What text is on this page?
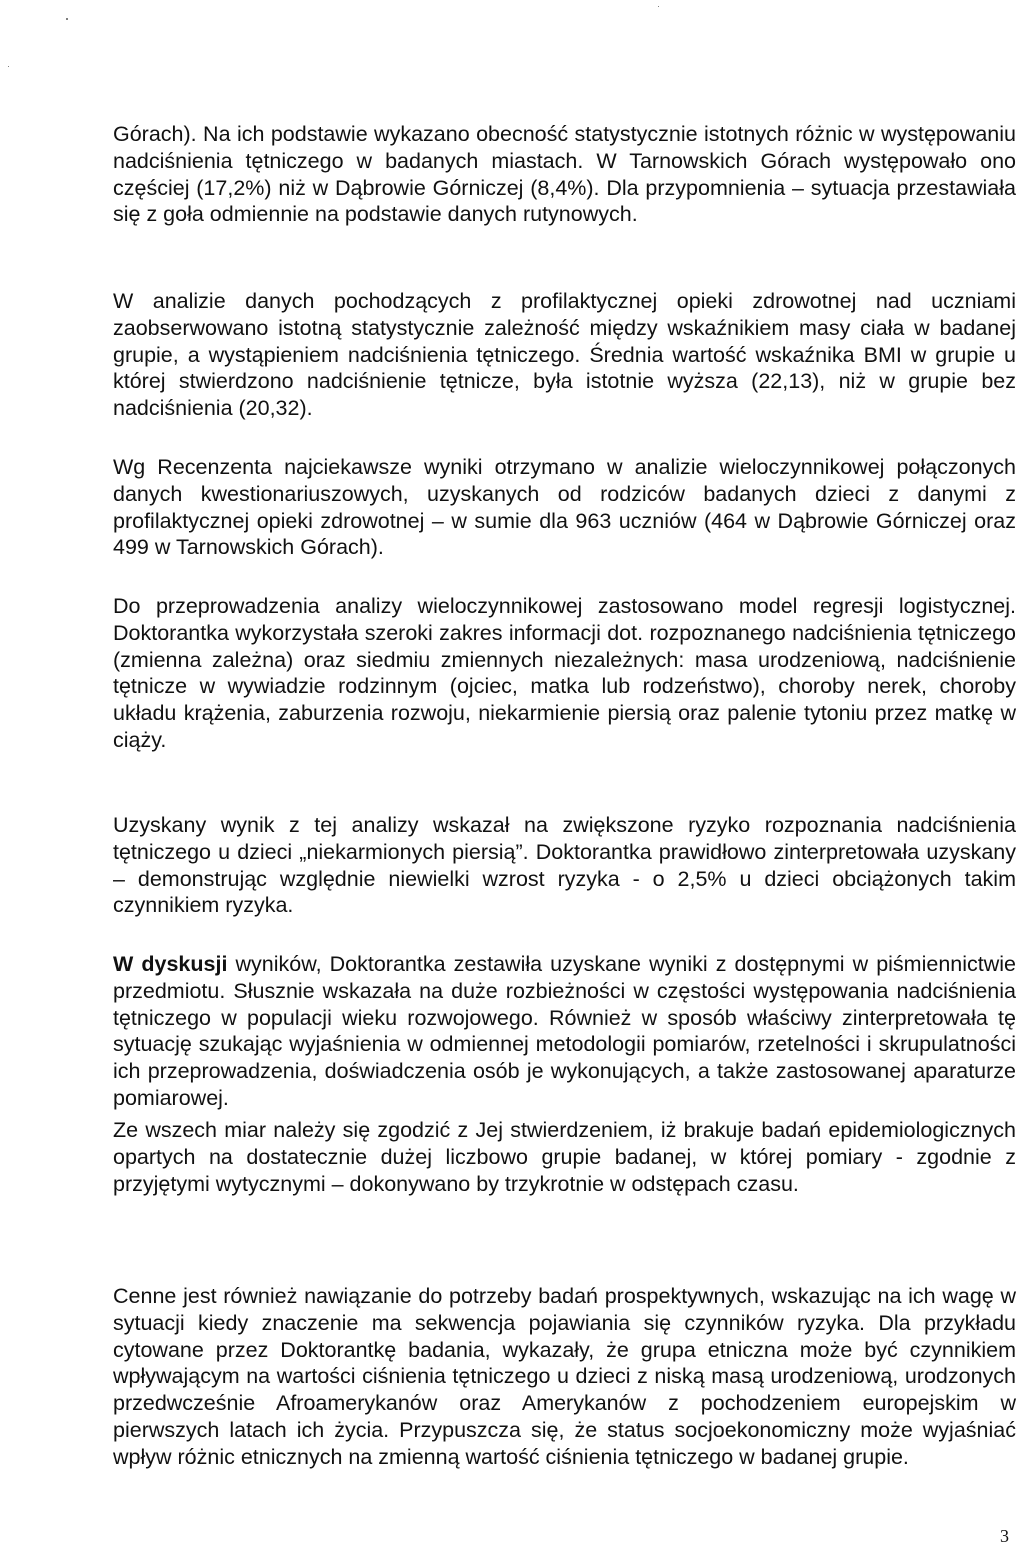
Górach). Na ich podstawie wykazano obecność statystycznie istotnych różnic w występowaniu nadciśnienia tętniczego w badanych miastach. W Tarnowskich Górach występowało ono częściej (17,2%) niż w Dąbrowie Górniczej (8,4%). Dla przypomnienia – sytuacja przestawiała się z goła odmiennie na podstawie danych rutynowych.

W analizie danych pochodzących z profilaktycznej opieki zdrowotnej nad uczniami zaobserwowano istotną statystycznie zależność między wskaźnikiem masy ciała w badanej grupie, a wystąpieniem nadciśnienia tętniczego. Średnia wartość wskaźnika BMI w grupie u której stwierdzono nadciśnienie tętnicze, była istotnie wyższa (22,13), niż w grupie bez nadciśnienia (20,32).

Wg Recenzenta najciekawsze wyniki otrzymano w analizie wieloczynnikowej połączonych danych kwestionariuszowych, uzyskanych od rodziców badanych dzieci z danymi z profilaktycznej opieki zdrowotnej – w sumie dla 963 uczniów (464 w Dąbrowie Górniczej oraz 499 w Tarnowskich Górach).

Do przeprowadzenia analizy wieloczynnikowej zastosowano model regresji logistycznej. Doktorantka wykorzystała szeroki zakres informacji dot. rozpoznanego nadciśnienia tętniczego (zmienna zależna) oraz siedmiu zmiennych niezależnych: masa urodzeniową, nadciśnienie tętnicze w wywiadzie rodzinnym (ojciec, matka lub rodzeństwo), choroby nerek, choroby układu krążenia, zaburzenia rozwoju, niekarmienie piersią oraz palenie tytoniu przez matkę w ciąży.

Uzyskany wynik z tej analizy wskazał na zwiększone ryzyko rozpoznania nadciśnienia tętniczego u dzieci „niekarmionych piersią”. Doktorantka prawidłowo zinterpretowała uzyskany – demonstrując względnie niewielki wzrost ryzyka - o 2,5% u dzieci obciążonych takim czynnikiem ryzyka.

W dyskusji wyników, Doktorantka zestawiła uzyskane wyniki z dostępnymi w piśmiennictwie przedmiotu. Słusznie wskazała na duże rozbieżności w częstości występowania nadciśnienia tętniczego w populacji wieku rozwojowego. Również w sposób właściwy zinterpretowała tę sytuację szukając wyjaśnienia w odmiennej metodologii pomiarów, rzetelności i skrupulatności ich przeprowadzenia, doświadczenia osób je wykonujących, a także zastosowanej aparaturze pomiarowej.

Ze wszech miar należy się zgodzić z Jej stwierdzeniem, iż brakuje badań epidemiologicznych opartych na dostatecznie dużej liczbowo grupie badanej, w której pomiary - zgodnie z przyjętymi wytycznymi – dokonywano by trzykrotnie w odstępach czasu.

Cenne jest również nawiązanie do potrzeby badań prospektywnych, wskazując na ich wagę w sytuacji kiedy znaczenie ma sekwencja pojawiania się czynników ryzyka. Dla przykładu cytowane przez Doktorantkę badania, wykazały, że grupa etniczna może być czynnikiem wpływającym na wartości ciśnienia tętniczego u dzieci z niską masą urodzeniową, urodzonych przedwcześnie Afroamerykanów oraz Amerykanów z pochodzeniem europejskim w pierwszych latach ich życia. Przypuszcza się, że status socjoekonomiczny może wyjaśniać wpływ różnic etnicznych na zmienną wartość ciśnienia tętniczego w badanej grupie.

3
